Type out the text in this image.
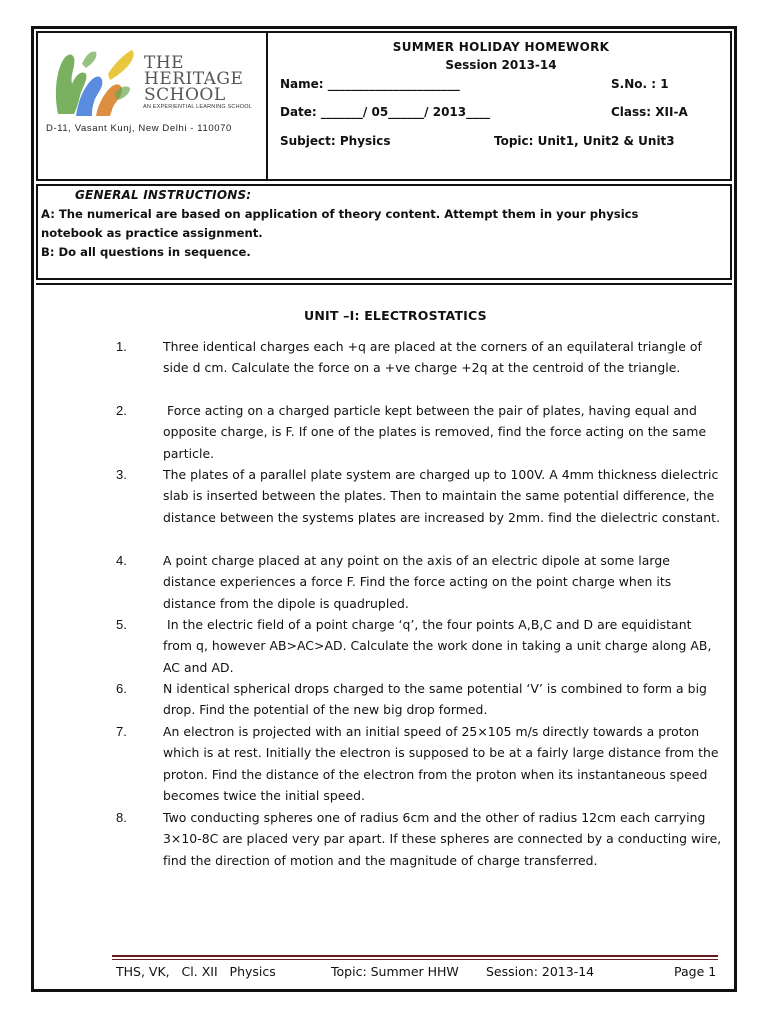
THE
HERITAGE
SCHOOL
AN EXPERIENTIAL LEARNING SCHOOL
D-11, Vasant Kunj, New Delhi - 110070
SUMMER HOLIDAY HOMEWORK
Session 2013-14
Name: ______________________	S.No. : 1
Date: _______/ 05______/ 2013____	Class: XII-A
Subject: Physics	Topic: Unit1, Unit2 & Unit3
GENERAL INSTRUCTIONS:
A: The numerical are based on application of theory content. Attempt them in your physics
notebook as practice assignment.
B: Do all questions in sequence.
UNIT –I: ELECTROSTATICS
1.	Three identical charges each +q are placed at the corners of an equilateral triangle of side d cm. Calculate the force on a +ve charge +2q at the centroid of the triangle.
2.	Force acting on a charged particle kept between the pair of plates, having equal and opposite charge, is F. If one of the plates is removed, find the force acting on the same particle.
3.	The plates of a parallel plate system are charged up to 100V. A 4mm thickness dielectric slab is inserted between the plates. Then to maintain the same potential difference, the distance between the systems plates are increased by 2mm. find the dielectric constant.
4.	A point charge placed at any point on the axis of an electric dipole at some large distance experiences a force F. Find the force acting on the point charge when its distance from the dipole is quadrupled.
5.	In the electric field of a point charge ‘q’, the four points A,B,C and D are equidistant from q, however AB>AC>AD. Calculate the work done in taking a unit charge along AB, AC and AD.
6.	N identical spherical drops charged to the same potential ‘V’ is combined to form a big drop. Find the potential of the new big drop formed.
7.	An electron is projected with an initial speed of 25×105 m/s directly towards a proton which is at rest. Initially the electron is supposed to be at a fairly large distance from the proton. Find the distance of the electron from the proton when its instantaneous speed becomes twice the initial speed.
8.	Two conducting spheres one of radius 6cm and the other of radius 12cm each carrying 3×10-8C are placed very par apart. If these spheres are connected by a conducting wire, find the direction of motion and the magnitude of charge transferred.
THS, VK,   Cl. XII   Physics	Topic: Summer HHW Session: 2013-14	Page 1
